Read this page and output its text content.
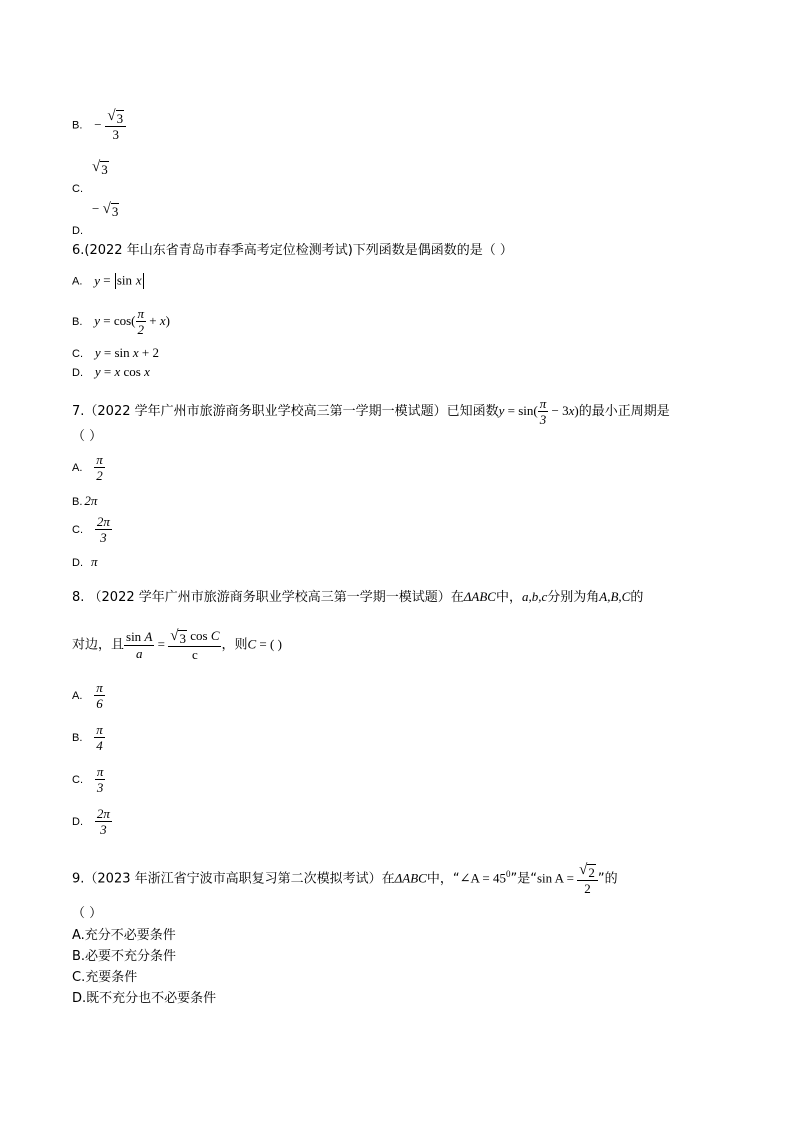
B. − $\frac{√ 3}{3}$
√ 3
C.
− √ 3
D.
6.(2022 年山东省青岛市春季高考定位检测考试)下列函数是偶函数的是（ ）
A. y = sin x
B. $y = \cos( \frac{\pi}{2} + x)$
C. y = sin x + 2
D. y = x cos x
7.（2022 学年广州市旅游商务职业学校高三第一学期一模试题）已知函数$y = \sin( \frac{\pi}{3} - 3x)$的最小正周期是
（ ）
A. $\frac{\pi}{2}$
B. 2π
C. $\frac{2\pi}{3}$
D. π
8. （2022 学年广州市旅游商务职业学校高三第一学期一模试题）在ΔABC中，a,b,c分别为角A,B,C的
对边，且 $\frac{\text{sin A}}{a} = \frac{\text{√ 3 cos C}}{c}$ ，则C = ( )
A. $\frac{\pi}{6}$
B. $\frac{\pi}{4}$
C. $\frac{\pi}{3}$
D. $\frac{2\pi}{3}$
9.（2023 年浙江省宁波市高职复习第二次模拟考试）在ΔABC中，“∠A = $45^0$”是“sin $A = \frac{√ 2}{2}$ ”的
（ ）
A.充分不必要条件
B.必要不充分条件
C.充要条件
D.既不充分也不必要条件
